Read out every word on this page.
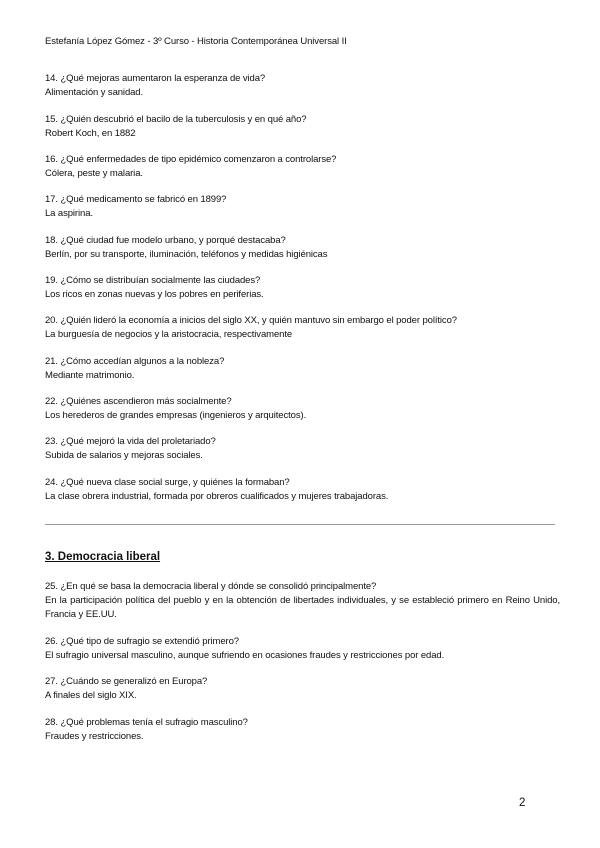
Estefanía López Gómez - 3º Curso - Historia Contemporánea Universal II
14. ¿Qué mejoras aumentaron la esperanza de vida?
Alimentación y sanidad.
15. ¿Quién descubrió el bacilo de la tuberculosis y en qué año?
Robert Koch, en 1882
16. ¿Qué enfermedades de tipo epidémico comenzaron a controlarse?
Cólera, peste y malaria.
17. ¿Qué medicamento se fabricó en 1899?
La aspirina.
18. ¿Qué ciudad fue modelo urbano, y porqué destacaba?
Berlín, por su transporte, iluminación, teléfonos y medidas higiénicas
19. ¿Cómo se distribuían socialmente las ciudades?
Los ricos en zonas nuevas y los pobres en periferias.
20. ¿Quién lideró la economía a inicios del siglo XX, y quién mantuvo sin embargo el poder político?
La burguesía de negocios y la aristocracia, respectivamente
21. ¿Cómo accedían algunos a la nobleza?
Mediante matrimonio.
22. ¿Quiénes ascendieron más socialmente?
Los herederos de grandes empresas (ingenieros y arquitectos).
23. ¿Qué mejoró la vida del proletariado?
Subida de salarios y mejoras sociales.
24. ¿Qué nueva clase social surge, y quiénes la formaban?
La clase obrera industrial, formada por obreros cualificados y mujeres trabajadoras.
3. Democracia liberal
25. ¿En qué se basa la democracia liberal y dónde se consolidó principalmente?
En la participación política del pueblo y en la obtención de libertades individuales, y se estableció primero en Reino Unido, Francia y EE.UU.
26. ¿Qué tipo de sufragio se extendió primero?
El sufragio universal masculino, aunque sufriendo en ocasiones fraudes y restricciones por edad.
27. ¿Cuándo se generalizó en Europa?
A finales del siglo XIX.
28. ¿Qué problemas tenía el sufragio masculino?
Fraudes y restricciones.
2
